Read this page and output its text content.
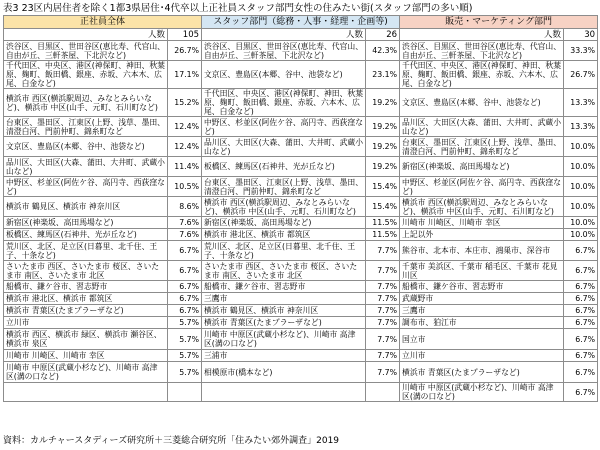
表3 23区内居住者を除く1都3県居住･4代卒以上正社員スタッフ部門女性の住みたい街(スタッフ部門の多い順)
正社員全体		スタッフ部門（総務・人事・経理・企画等)		販売・マーケティング部門	
人数	105	人数	26	人数	30
渋谷区、目黒区、世田谷区(恵比寿、代官山、自由が丘、三軒茶屋、下北沢など)	26.7%	渋谷区、目黒区、世田谷区(恵比寿、代官山、自由が丘、三軒茶屋、下北沢など)	42.3%	渋谷区、目黒区、世田谷区(恵比寿、代官山、自由が丘、三軒茶屋、下北沢など)	33.3%
千代田区、中央区、港区(神保町、神田、秋葉原、麹町、飯田橋、銀座、赤坂、六本木、広尾、白金など)	17.1%	文京区、豊島区(本郷、谷中、池袋など)	23.1%	千代田区、中央区、港区(神保町、神田、秋葉原、麹町、飯田橋、銀座、赤坂、六本木、広尾、白金など)	26.7%
横浜市 西区(横浜駅周辺、みなとみらいなど)、横浜市 中区(山手、元町、石川町など)	15.2%	千代田区、中央区、港区(神保町、神田、秋葉原、麹町、飯田橋、銀座、赤坂、六本木、広尾、白金など)	19.2%	文京区、豊島区(本郷、谷中、池袋など)	13.3%
台東区、墨田区、江東区(上野、浅草、墨田、清澄白河、門前仲町、錦糸町など	12.4%	中野区、杉並区(阿佐ケ谷、高円寺、西荻窪など)	19.2%	品川区、大田区(大森、蒲田、大井町、武蔵小山など)	13.3%
文京区、豊島区(本郷、谷中、池袋など)	12.4%	品川区、大田区(大森、蒲田、大井町、武蔵小山など)	19.2%	台東区、墨田区、江東区(上野、浅草、墨田、清澄白河、門前仲町、錦糸町など	10.0%
品川区、大田区(大森、蒲田、大井町、武蔵小山など)	11.4%	板橋区、練馬区(石神井、光が丘など)	19.2%	新宿区(神楽坂、高田馬場など)	10.0%
中野区、杉並区(阿佐ケ谷、高円寺、西荻窪など)	10.5%	台東区、墨田区、江東区(上野、浅草、墨田、清澄白河、門前仲町、錦糸町など	15.4%	中野区、杉並区(阿佐ケ谷、高円寺、西荻窪など)	10.0%
横浜市 鶴見区、横浜市 神奈川区	8.6%	横浜市 西区(横浜駅周辺、みなとみらいなど)、横浜市 中区(山手、元町、石川町など)	15.4%	横浜市 西区(横浜駅周辺、みなとみらいなど)、横浜市 中区(山手、元町、石川町など)	10.0%
新宿区(神楽坂、高田馬場など)	7.6%	新宿区(神楽坂、高田馬場など)	11.5%	川崎市 川崎区、川崎市 幸区	10.0%
板橋区、練馬区(石神井、光が丘など)	7.6%	横浜市 港北区、横浜市 都筑区	11.5%	上記以外	10.0%
荒川区、北区、足立区(日暮里、北千住、王子、十条など)	6.7%	荒川区、北区、足立区(日暮里、北千住、王子、十条など)	7.7%	熊谷市、北本市、本庄市、鴻巣市、深谷市	6.7%
さいたま市 西区、さいたま市 桜区、さいたま市 南区、さいたま市 北区	6.7%	さいたま市 西区、さいたま市 桜区、さいたま市 南区、さいたま市 北区	7.7%	千葉市 美浜区、千葉市 稲毛区、千葉市 花見川区	6.7%
船橋市、鎌ケ谷市、習志野市	6.7%	船橋市、鎌ケ谷市、習志野市	7.7%	船橋市、鎌ケ谷市、習志野市	6.7%
横浜市 港北区、横浜市 都筑区	6.7%	三鷹市	7.7%	武蔵野市	6.7%
横浜市 青葉区(たまプラーザなど)	6.7%	横浜市 鶴見区、横浜市 神奈川区	7.7%	三鷹市	6.7%
立川市	5.7%	横浜市 青葉区(たまプラーザなど)	7.7%	調布市、狛江市	6.7%
横浜市 西区、横浜市 緑区、横浜市 瀬谷区、横浜市 泉区	5.7%	川崎市 中原区(武蔵小杉など)、川崎市 高津区(溝の口など)	7.7%	国立市	6.7%
川崎市 川崎区、川崎市 幸区	5.7%	三浦市	7.7%	立川市	6.7%
川崎市 中原区(武蔵小杉など)、川崎市 高津区(溝の口など)	5.7%	相模原市(橋本など)	7.7%	横浜市 青葉区(たまプラーザなど)	6.7%
				川崎市 中原区(武蔵小杉など)、川崎市 高津区(溝の口など)	6.7%
資料：カルチャースタディーズ研究所＋三菱総合研究所「住みたい郊外調査」2019
